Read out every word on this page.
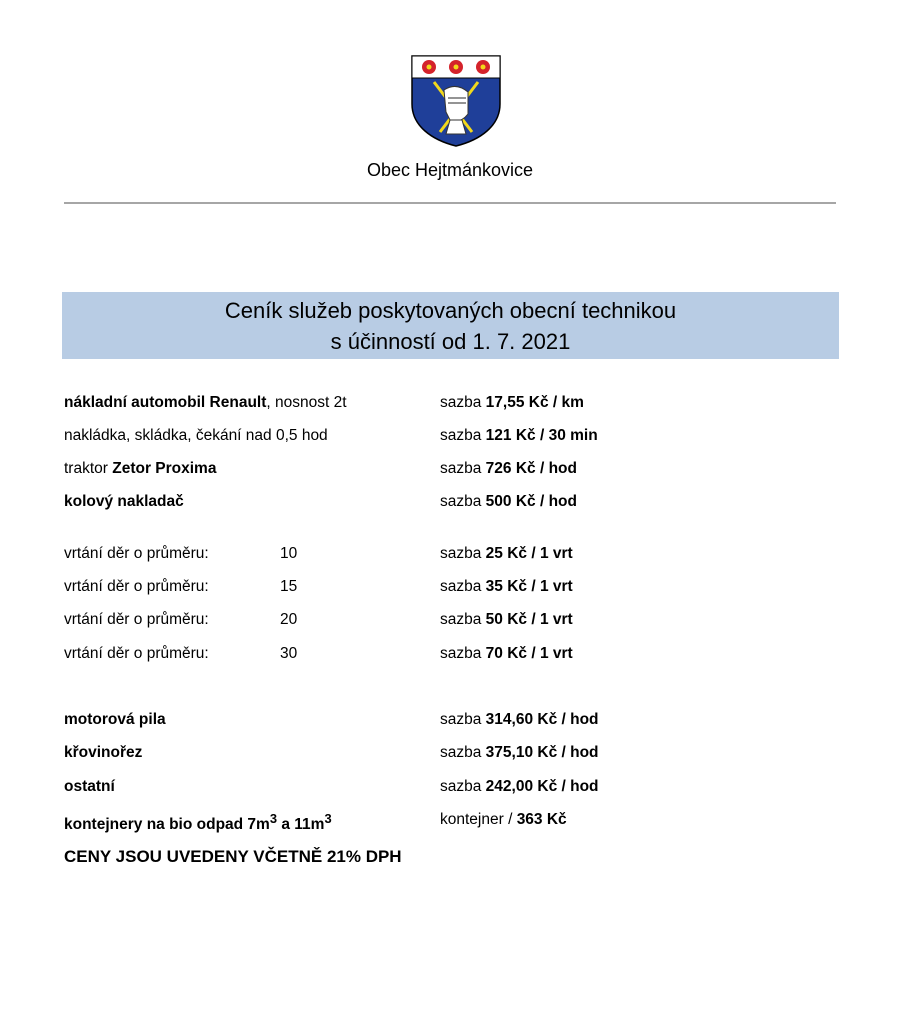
Obec Hejtmánkovice
Ceník služeb poskytovaných obecní technikou
s účinností od 1. 7. 2021
nákladní automobil Renault, nosnost 2t	sazba 17,55 Kč / km
nakládka, skládka, čekání nad 0,5 hod	sazba 121 Kč / 30 min
traktor Zetor Proxima	sazba 726 Kč / hod
kolový nakladač	sazba 500 Kč / hod
vrtání děr o průměru:	10	sazba 25 Kč / 1 vrt
vrtání děr o průměru:	15	sazba 35 Kč / 1 vrt
vrtání děr o průměru:	20	sazba 50 Kč / 1 vrt
vrtání děr o průměru:	30	sazba 70 Kč / 1 vrt
motorová pila	sazba 314,60 Kč / hod
křovinořez	sazba 375,10 Kč / hod
ostatní	sazba 242,00 Kč / hod
kontejnery na bio odpad $7m^3$ a $11m^3$	kontejner / 363 Kč
CENY JSOU UVEDENY VČETNĚ 21% DPH
